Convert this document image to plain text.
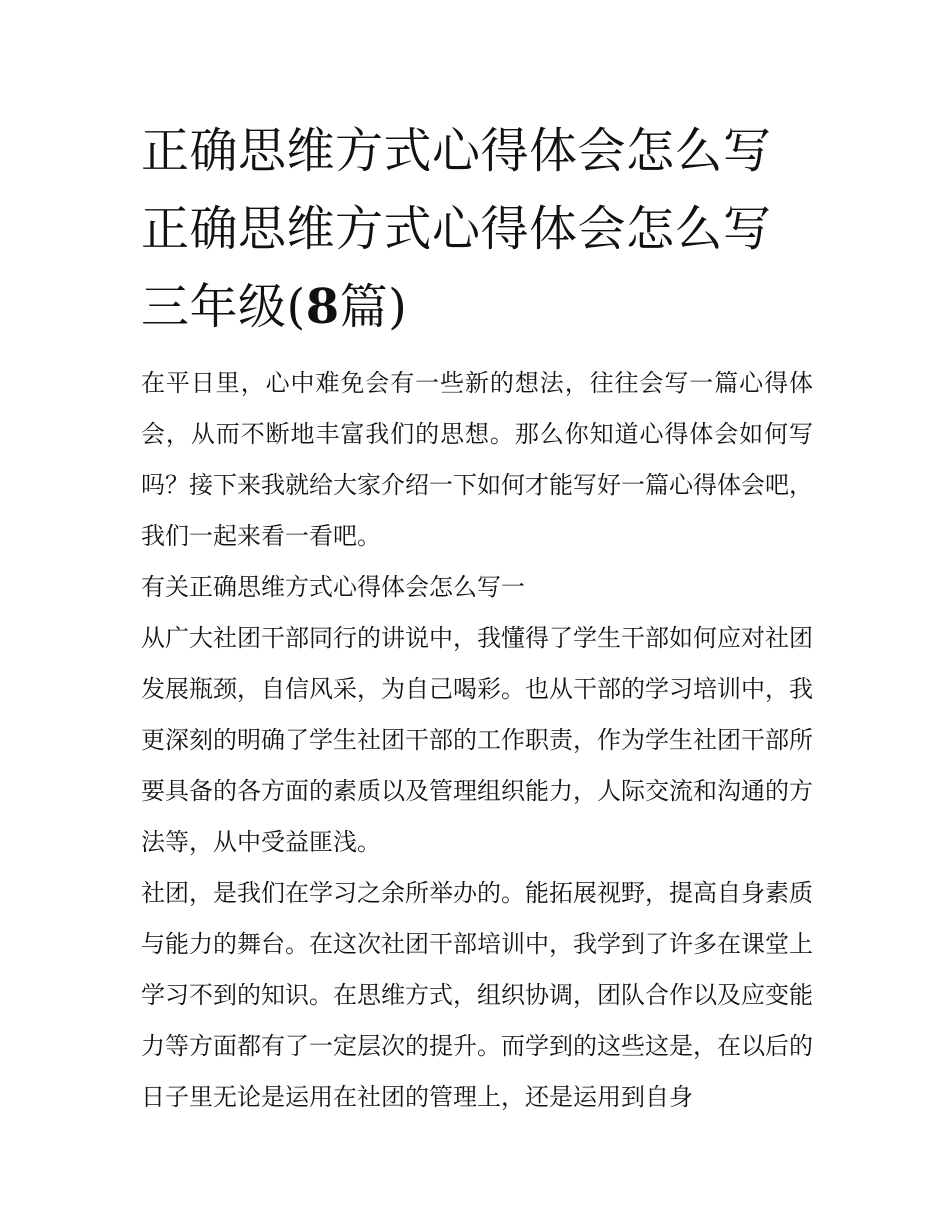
正确思维方式心得体会怎么写正确思维方式心得体会怎么写三年级(8篇)

在平日里，心中难免会有一些新的想法，往往会写一篇心得体会，从而不断地丰富我们的思想。那么你知道心得体会如何写吗？接下来我就给大家介绍一下如何才能写好一篇心得体会吧，我们一起来看一看吧。

有关正确思维方式心得体会怎么写一

从广大社团干部同行的讲说中，我懂得了学生干部如何应对社团发展瓶颈，自信风采，为自己喝彩。也从干部的学习培训中，我更深刻的明确了学生社团干部的工作职责，作为学生社团干部所要具备的各方面的素质以及管理组织能力，人际交流和沟通的方法等，从中受益匪浅。

社团，是我们在学习之余所举办的。能拓展视野，提高自身素质与能力的舞台。在这次社团干部培训中，我学到了许多在课堂上学习不到的知识。在思维方式，组织协调，团队合作以及应变能力等方面都有了一定层次的提升。而学到的这些这是，在以后的日子里无论是运用在社团的管理上，还是运用到自身
